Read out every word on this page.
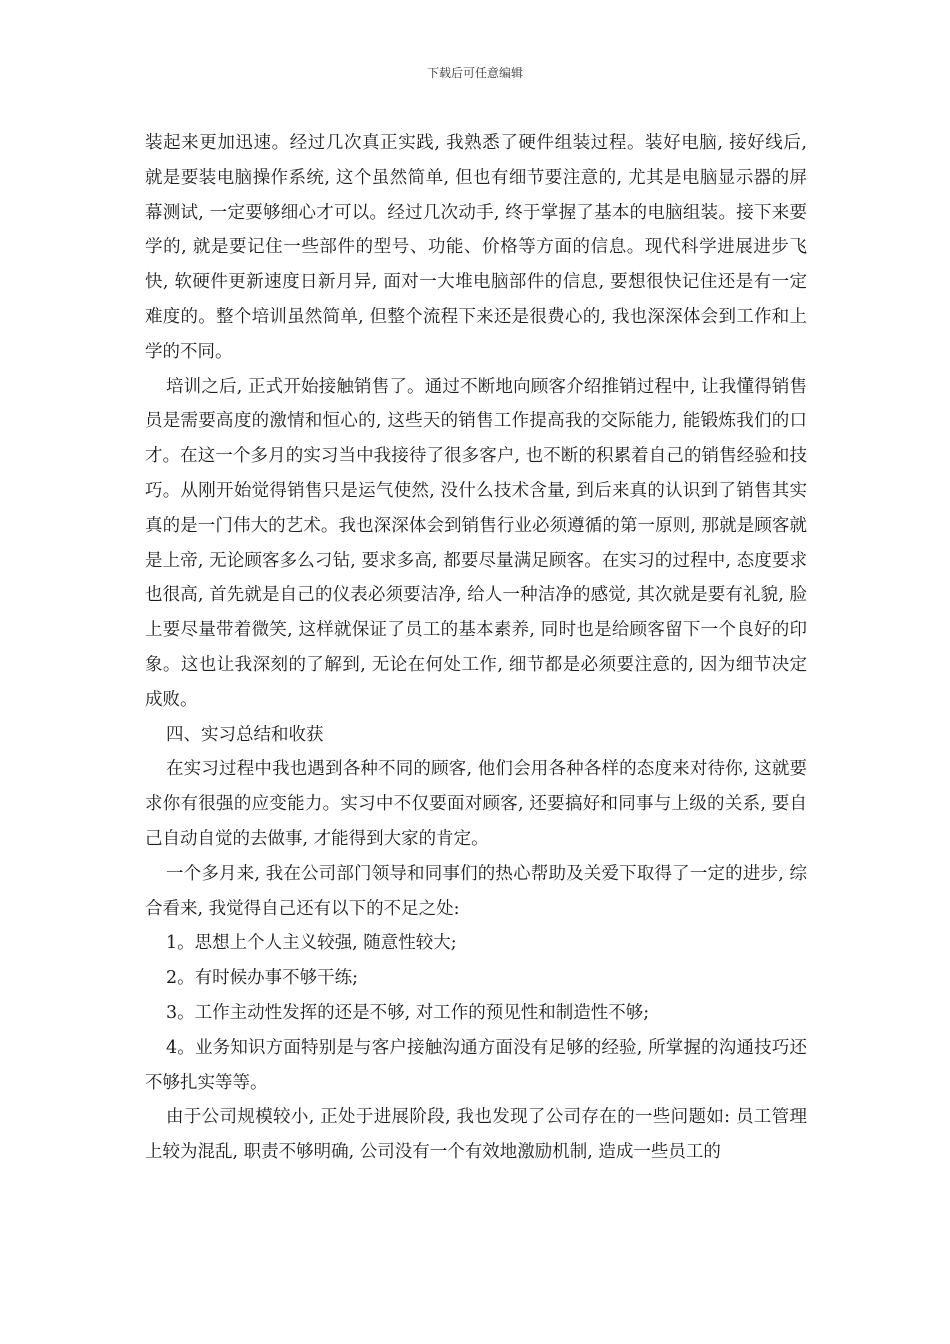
下载后可任意编辑

装起来更加迅速。经过几次真正实践, 我熟悉了硬件组装过程。装好电脑, 接好线后, 就是要装电脑操作系统, 这个虽然简单, 但也有细节要注意的, 尤其是电脑显示器的屏幕测试, 一定要够细心才可以。经过几次动手, 终于掌握了基本的电脑组装。接下来要学的, 就是要记住一些部件的型号、功能、价格等方面的信息。现代科学进展进步飞快, 软硬件更新速度日新月异, 面对一大堆电脑部件的信息, 要想很快记住还是有一定难度的。整个培训虽然简单, 但整个流程下来还是很费心的, 我也深深体会到工作和上学的不同。

培训之后, 正式开始接触销售了。通过不断地向顾客介绍推销过程中, 让我懂得销售员是需要高度的激情和恒心的, 这些天的销售工作提高我的交际能力, 能锻炼我们的口才。在这一个多月的实习当中我接待了很多客户, 也不断的积累着自己的销售经验和技巧。从刚开始觉得销售只是运气使然, 没什么技术含量, 到后来真的认识到了销售其实真的是一门伟大的艺术。我也深深体会到销售行业必须遵循的第一原则, 那就是顾客就是上帝, 无论顾客多么刁钻, 要求多高, 都要尽量满足顾客。在实习的过程中, 态度要求也很高, 首先就是自己的仪表必须要洁净, 给人一种洁净的感觉, 其次就是要有礼貌, 脸上要尽量带着微笑, 这样就保证了员工的基本素养, 同时也是给顾客留下一个良好的印象。这也让我深刻的了解到, 无论在何处工作, 细节都是必须要注意的, 因为细节决定成败。

四、实习总结和收获

在实习过程中我也遇到各种不同的顾客, 他们会用各种各样的态度来对待你, 这就要求你有很强的应变能力。实习中不仅要面对顾客, 还要搞好和同事与上级的关系, 要自己自动自觉的去做事, 才能得到大家的肯定。

一个多月来, 我在公司部门领导和同事们的热心帮助及关爱下取得了一定的进步, 综合看来, 我觉得自己还有以下的不足之处:

1。思想上个人主义较强, 随意性较大;

2。有时候办事不够干练;

3。工作主动性发挥的还是不够, 对工作的预见性和制造性不够;

4。业务知识方面特别是与客户接触沟通方面没有足够的经验, 所掌握的沟通技巧还不够扎实等等。

由于公司规模较小, 正处于进展阶段, 我也发现了公司存在的一些问题如: 员工管理上较为混乱, 职责不够明确, 公司没有一个有效地激励机制, 造成一些员工的
